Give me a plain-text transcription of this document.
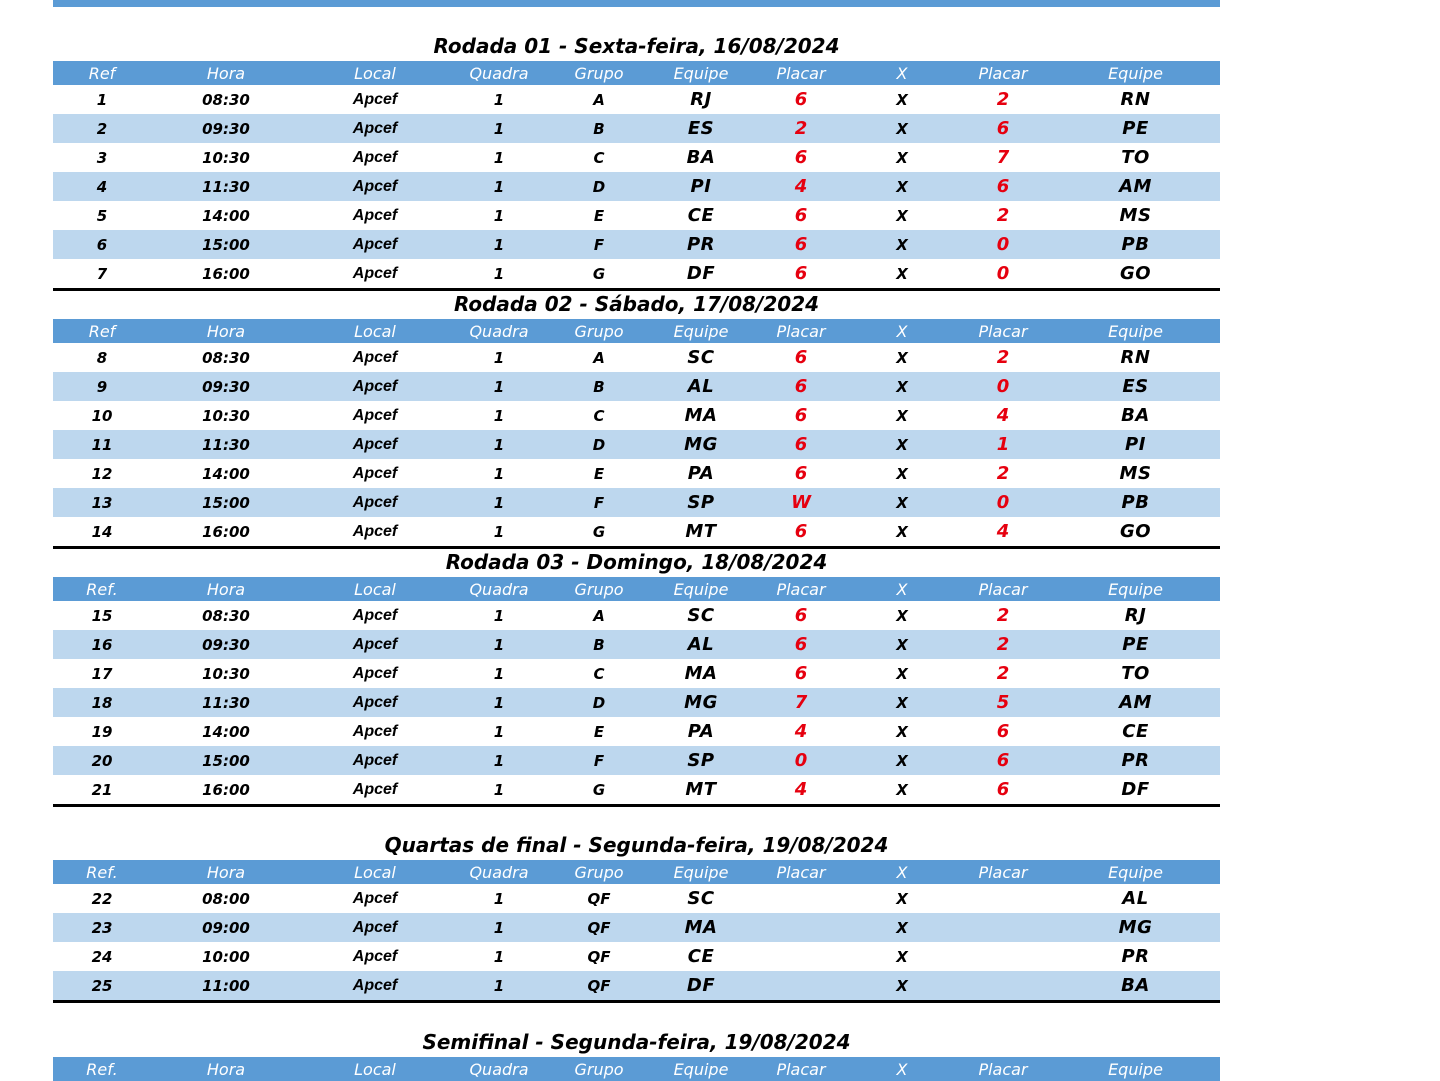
Rodada 01 - Sexta-feira, 16/08/2024
Ref	Hora	Local	Quadra	Grupo	Equipe	Placar	X	Placar	Equipe
1	08:30	Apcef	1	A	RJ	6	X	2	RN
2	09:30	Apcef	1	B	ES	2	X	6	PE
3	10:30	Apcef	1	C	BA	6	X	7	TO
4	11:30	Apcef	1	D	PI	4	X	6	AM
5	14:00	Apcef	1	E	CE	6	X	2	MS
6	15:00	Apcef	1	F	PR	6	X	0	PB
7	16:00	Apcef	1	G	DF	6	X	0	GO
Rodada 02 - Sábado, 17/08/2024
Ref	Hora	Local	Quadra	Grupo	Equipe	Placar	X	Placar	Equipe
8	08:30	Apcef	1	A	SC	6	X	2	RN
9	09:30	Apcef	1	B	AL	6	X	0	ES
10	10:30	Apcef	1	C	MA	6	X	4	BA
11	11:30	Apcef	1	D	MG	6	X	1	PI
12	14:00	Apcef	1	E	PA	6	X	2	MS
13	15:00	Apcef	1	F	SP	W	X	0	PB
14	16:00	Apcef	1	G	MT	6	X	4	GO
Rodada 03 - Domingo, 18/08/2024
Ref.	Hora	Local	Quadra	Grupo	Equipe	Placar	X	Placar	Equipe
15	08:30	Apcef	1	A	SC	6	X	2	RJ
16	09:30	Apcef	1	B	AL	6	X	2	PE
17	10:30	Apcef	1	C	MA	6	X	2	TO
18	11:30	Apcef	1	D	MG	7	X	5	AM
19	14:00	Apcef	1	E	PA	4	X	6	CE
20	15:00	Apcef	1	F	SP	0	X	6	PR
21	16:00	Apcef	1	G	MT	4	X	6	DF
Quartas de final - Segunda-feira, 19/08/2024
Ref.	Hora	Local	Quadra	Grupo	Equipe	Placar	X	Placar	Equipe
22	08:00	Apcef	1	QF	SC		X		AL
23	09:00	Apcef	1	QF	MA		X		MG
24	10:00	Apcef	1	QF	CE		X		PR
25	11:00	Apcef	1	QF	DF		X		BA
Semifinal - Segunda-feira, 19/08/2024
Ref.	Hora	Local	Quadra	Grupo	Equipe	Placar	X	Placar	Equipe
